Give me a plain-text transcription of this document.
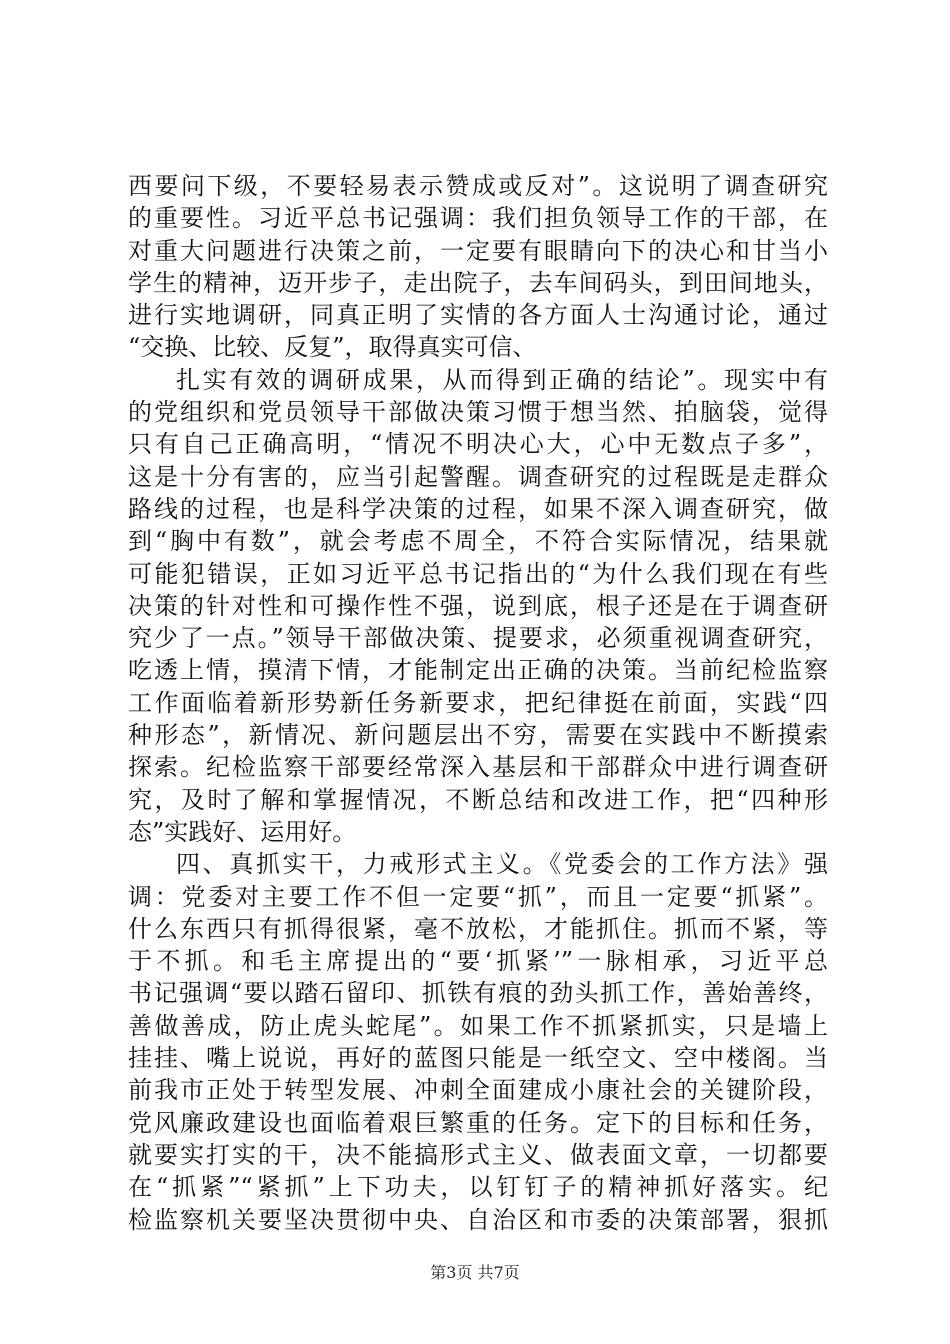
西要问下级，不要轻易表示赞成或反对”。这说明了调查研究
的重要性。习近平总书记强调：我们担负领导工作的干部，在
对重大问题进行决策之前，一定要有眼睛向下的决心和甘当小
学生的精神，迈开步子，走出院子，去车间码头，到田间地头，
进行实地调研，同真正明了实情的各方面人士沟通讨论，通过
“交换、比较、反复”，取得真实可信、
扎实有效的调研成果，从而得到正确的结论”。现实中有
的党组织和党员领导干部做决策习惯于想当然、拍脑袋，觉得
只有自己正确高明，“情况不明决心大，心中无数点子多”，
这是十分有害的，应当引起警醒。调查研究的过程既是走群众
路线的过程，也是科学决策的过程，如果不深入调查研究，做
到“胸中有数”，就会考虑不周全，不符合实际情况，结果就
可能犯错误，正如习近平总书记指出的“为什么我们现在有些
决策的针对性和可操作性不强，说到底，根子还是在于调查研
究少了一点。”领导干部做决策、提要求，必须重视调查研究，
吃透上情，摸清下情，才能制定出正确的决策。当前纪检监察
工作面临着新形势新任务新要求，把纪律挺在前面，实践“四
种形态”，新情况、新问题层出不穷，需要在实践中不断摸索
探索。纪检监察干部要经常深入基层和干部群众中进行调查研
究，及时了解和掌握情况，不断总结和改进工作，把“四种形
态”实践好、运用好。
四、真抓实干，力戒形式主义。《党委会的工作方法》强
调：党委对主要工作不但一定要“抓”，而且一定要“抓紧”。
什么东西只有抓得很紧，毫不放松，才能抓住。抓而不紧，等
于不抓。和毛主席提出的“要‘抓紧’”一脉相承，习近平总
书记强调“要以踏石留印、抓铁有痕的劲头抓工作，善始善终，
善做善成，防止虎头蛇尾”。如果工作不抓紧抓实，只是墙上
挂挂、嘴上说说，再好的蓝图只能是一纸空文、空中楼阁。当
前我市正处于转型发展、冲刺全面建成小康社会的关键阶段，
党风廉政建设也面临着艰巨繁重的任务。定下的目标和任务，
就要实打实的干，决不能搞形式主义、做表面文章，一切都要
在“抓紧”“紧抓”上下功夫，以钉钉子的精神抓好落实。纪
检监察机关要坚决贯彻中央、自治区和市委的决策部署，狠抓
第3页 共7页
